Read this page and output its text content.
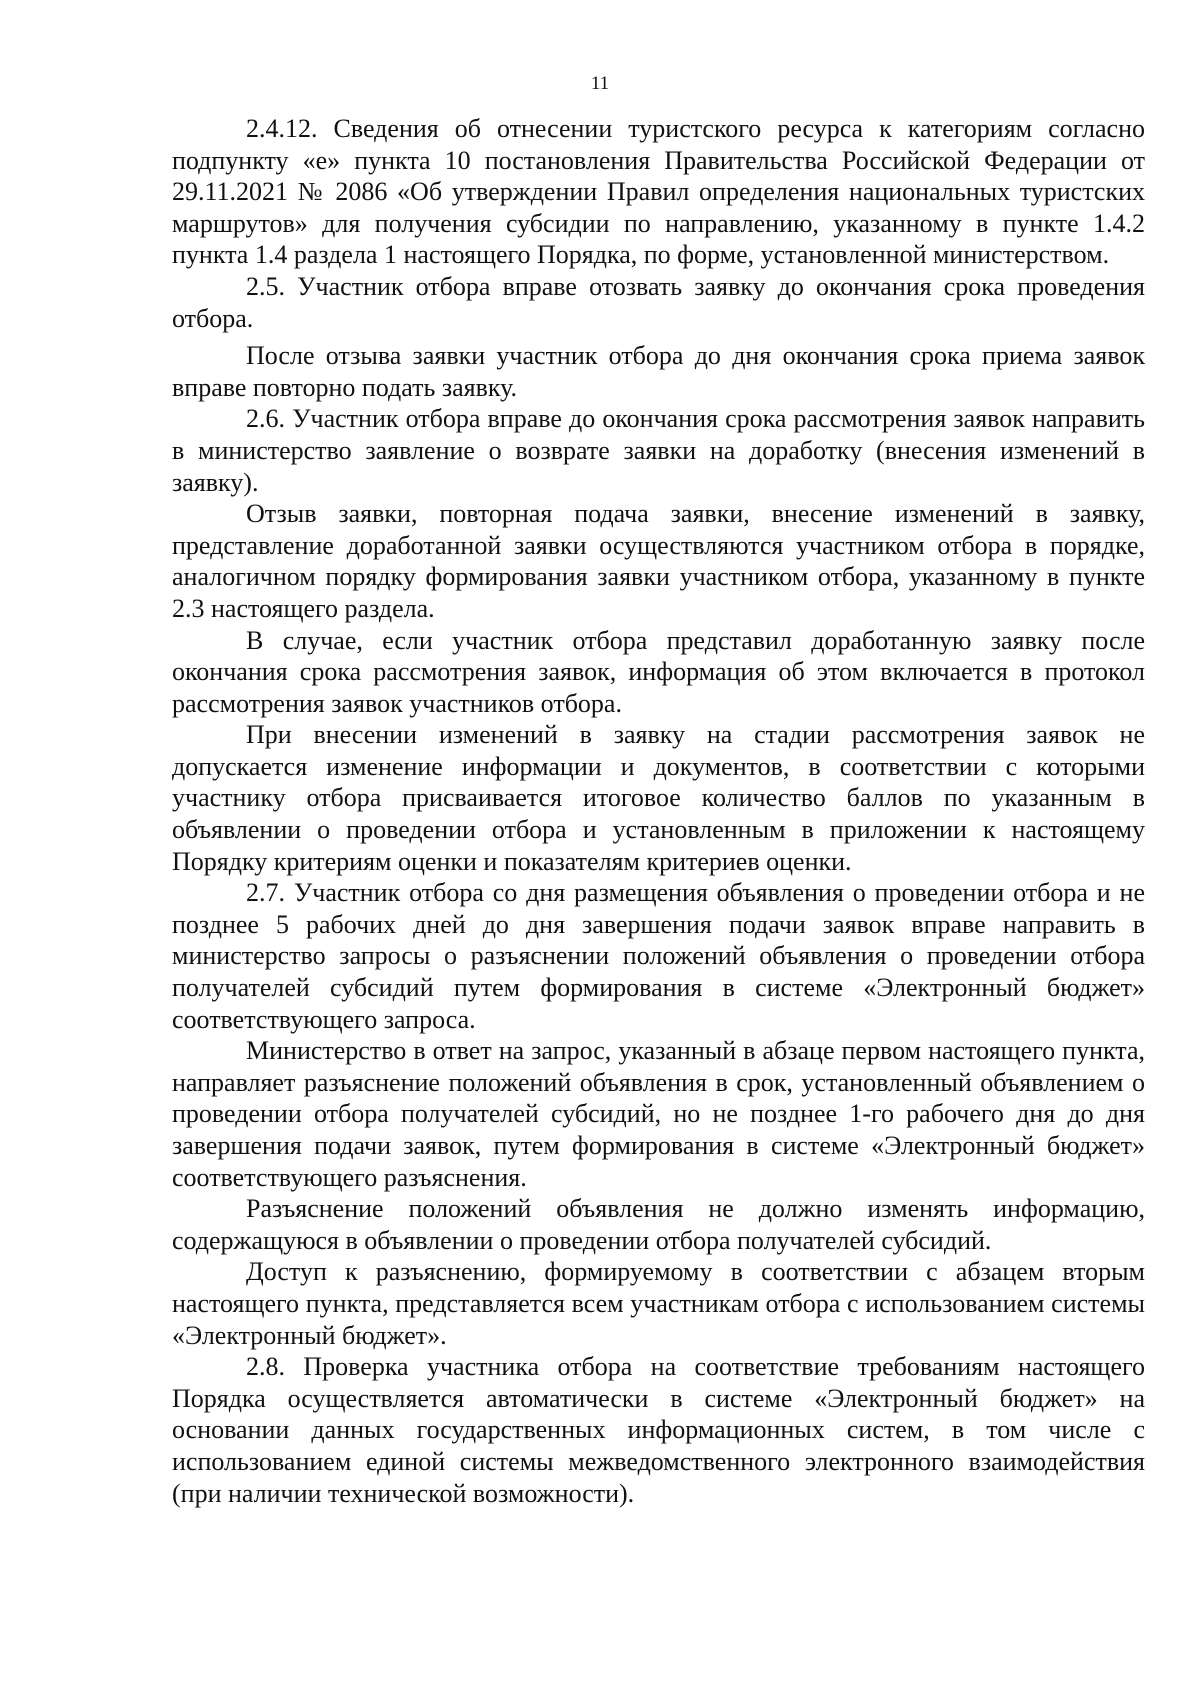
11

2.4.12. Сведения об отнесении туристского ресурса к категориям согласно подпункту «е» пункта 10 постановления Правительства Российской Федерации от 29.11.2021 № 2086 «Об утверждении Правил определения национальных туристских маршрутов» для получения субсидии по направлению, указанному в пункте 1.4.2 пункта 1.4 раздела 1 настоящего Порядка, по форме, установленной министерством.

2.5. Участник отбора вправе отозвать заявку до окончания срока проведения отбора.

После отзыва заявки участник отбора до дня окончания срока приема заявок вправе повторно подать заявку.

2.6. Участник отбора вправе до окончания срока рассмотрения заявок направить в министерство заявление о возврате заявки на доработку (внесения изменений в заявку).

Отзыв заявки, повторная подача заявки, внесение изменений в заявку, представление доработанной заявки осуществляются участником отбора в порядке, аналогичном порядку формирования заявки участником отбора, указанному в пункте 2.3 настоящего раздела.

В случае, если участник отбора представил доработанную заявку после окончания срока рассмотрения заявок, информация об этом включается в протокол рассмотрения заявок участников отбора.

При внесении изменений в заявку на стадии рассмотрения заявок не допускается изменение информации и документов, в соответствии с которыми участнику отбора присваивается итоговое количество баллов по указанным в объявлении о проведении отбора и установленным в приложении к настоящему Порядку критериям оценки и показателям критериев оценки.

2.7. Участник отбора со дня размещения объявления о проведении отбора и не позднее 5 рабочих дней до дня завершения подачи заявок вправе направить в министерство запросы о разъяснении положений объявления о проведении отбора получателей субсидий путем формирования в системе «Электронный бюджет» соответствующего запроса.

Министерство в ответ на запрос, указанный в абзаце первом настоящего пункта, направляет разъяснение положений объявления в срок, установленный объявлением о проведении отбора получателей субсидий, но не позднее 1-го рабочего дня до дня завершения подачи заявок, путем формирования в системе «Электронный бюджет» соответствующего разъяснения.

Разъяснение положений объявления не должно изменять информацию, содержащуюся в объявлении о проведении отбора получателей субсидий.

Доступ к разъяснению, формируемому в соответствии с абзацем вторым настоящего пункта, представляется всем участникам отбора с использованием системы «Электронный бюджет».

2.8. Проверка участника отбора на соответствие требованиям настоящего Порядка осуществляется автоматически в системе «Электронный бюджет» на основании данных государственных информационных систем, в том числе с использованием единой системы межведомственного электронного взаимодействия (при наличии технической возможности).
